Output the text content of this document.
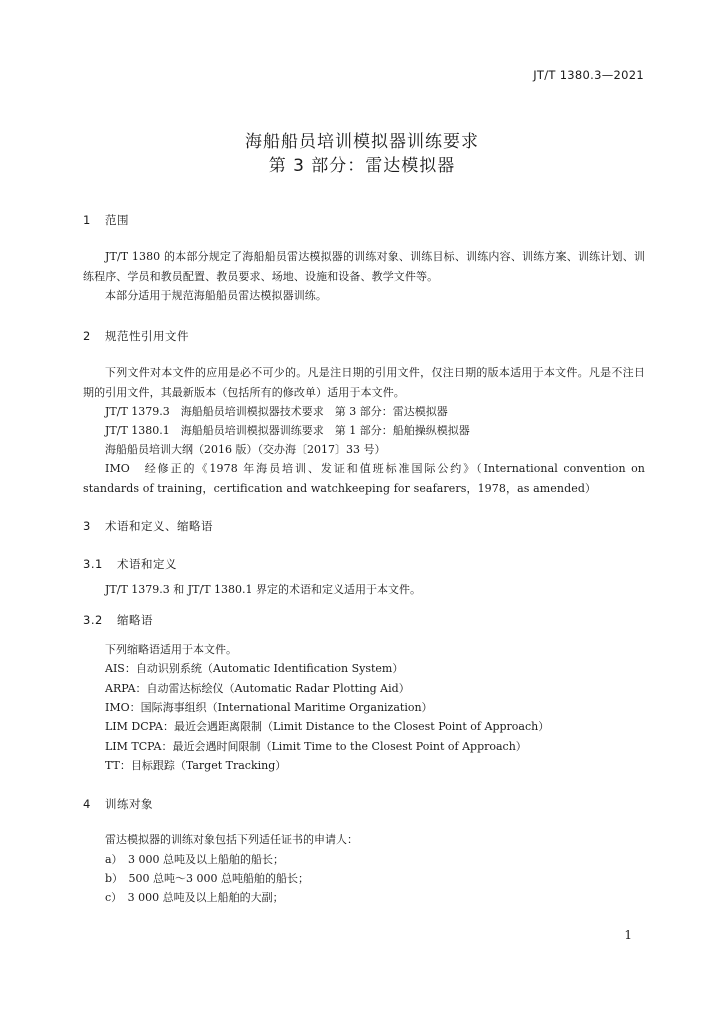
JT/T 1380.3—2021
海船船员培训模拟器训练要求
第 3 部分：雷达模拟器
1 范围
JT/T 1380 的本部分规定了海船船员雷达模拟器的训练对象、训练目标、训练内容、训练方案、训练计划、训练程序、学员和教员配置、教员要求、场地、设施和设备、教学文件等。
本部分适用于规范海船船员雷达模拟器训练。
2 规范性引用文件
下列文件对本文件的应用是必不可少的。凡是注日期的引用文件，仅注日期的版本适用于本文件。凡是不注日期的引用文件，其最新版本（包括所有的修改单）适用于本文件。
JT/T 1379.3　海船船员培训模拟器技术要求　第 3 部分：雷达模拟器
JT/T 1380.1　海船船员培训模拟器训练要求　第 1 部分：船舶操纵模拟器
海船船员培训大纲（2016 版）（交办海〔2017〕33 号）
IMO　经修正的《1978 年海员培训、发证和值班标准国际公约》（International convention on standards of training，certification and watchkeeping for seafarers，1978，as amended）
3 术语和定义、缩略语
3.1 术语和定义
JT/T 1379.3 和 JT/T 1380.1 界定的术语和定义适用于本文件。
3.2 缩略语
下列缩略语适用于本文件。
AIS：自动识别系统（Automatic Identification System）
ARPA：自动雷达标绘仪（Automatic Radar Plotting Aid）
IMO：国际海事组织（International Maritime Organization）
LIM DCPA：最近会遇距离限制（Limit Distance to the Closest Point of Approach）
LIM TCPA：最近会遇时间限制（Limit Time to the Closest Point of Approach）
TT：目标跟踪（Target Tracking）
4 训练对象
雷达模拟器的训练对象包括下列适任证书的申请人：
a）　3 000 总吨及以上船舶的船长；
b）　500 总吨～3 000 总吨船舶的船长；
c）　3 000 总吨及以上船舶的大副；
1
